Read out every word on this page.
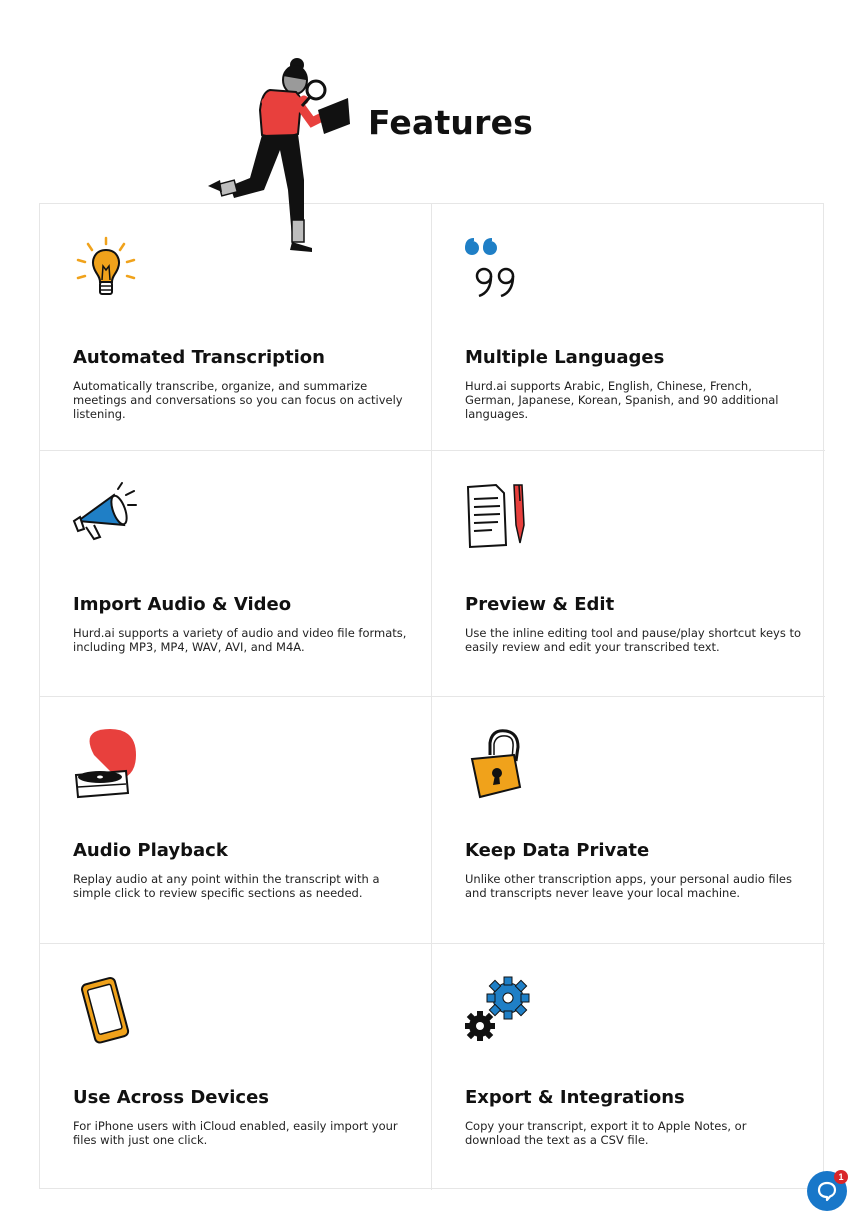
Features
Automated Transcription
Automatically transcribe, organize, and summarize meetings and conversations so you can focus on actively listening.
Multiple Languages
Hurd.ai supports Arabic, English, Chinese, French, German, Japanese, Korean, Spanish, and 90 additional languages.
Import Audio & Video
Hurd.ai supports a variety of audio and video file formats, including MP3, MP4, WAV, AVI, and M4A.
Preview & Edit
Use the inline editing tool and pause/play shortcut keys to easily review and edit your transcribed text.
Audio Playback
Replay audio at any point within the transcript with a simple click to review specific sections as needed.
Keep Data Private
Unlike other transcription apps, your personal audio files and transcripts never leave your local machine.
Use Across Devices
For iPhone users with iCloud enabled, easily import your files with just one click.
Export & Integrations
Copy your transcript, export it to Apple Notes, or download the text as a CSV file.
1
